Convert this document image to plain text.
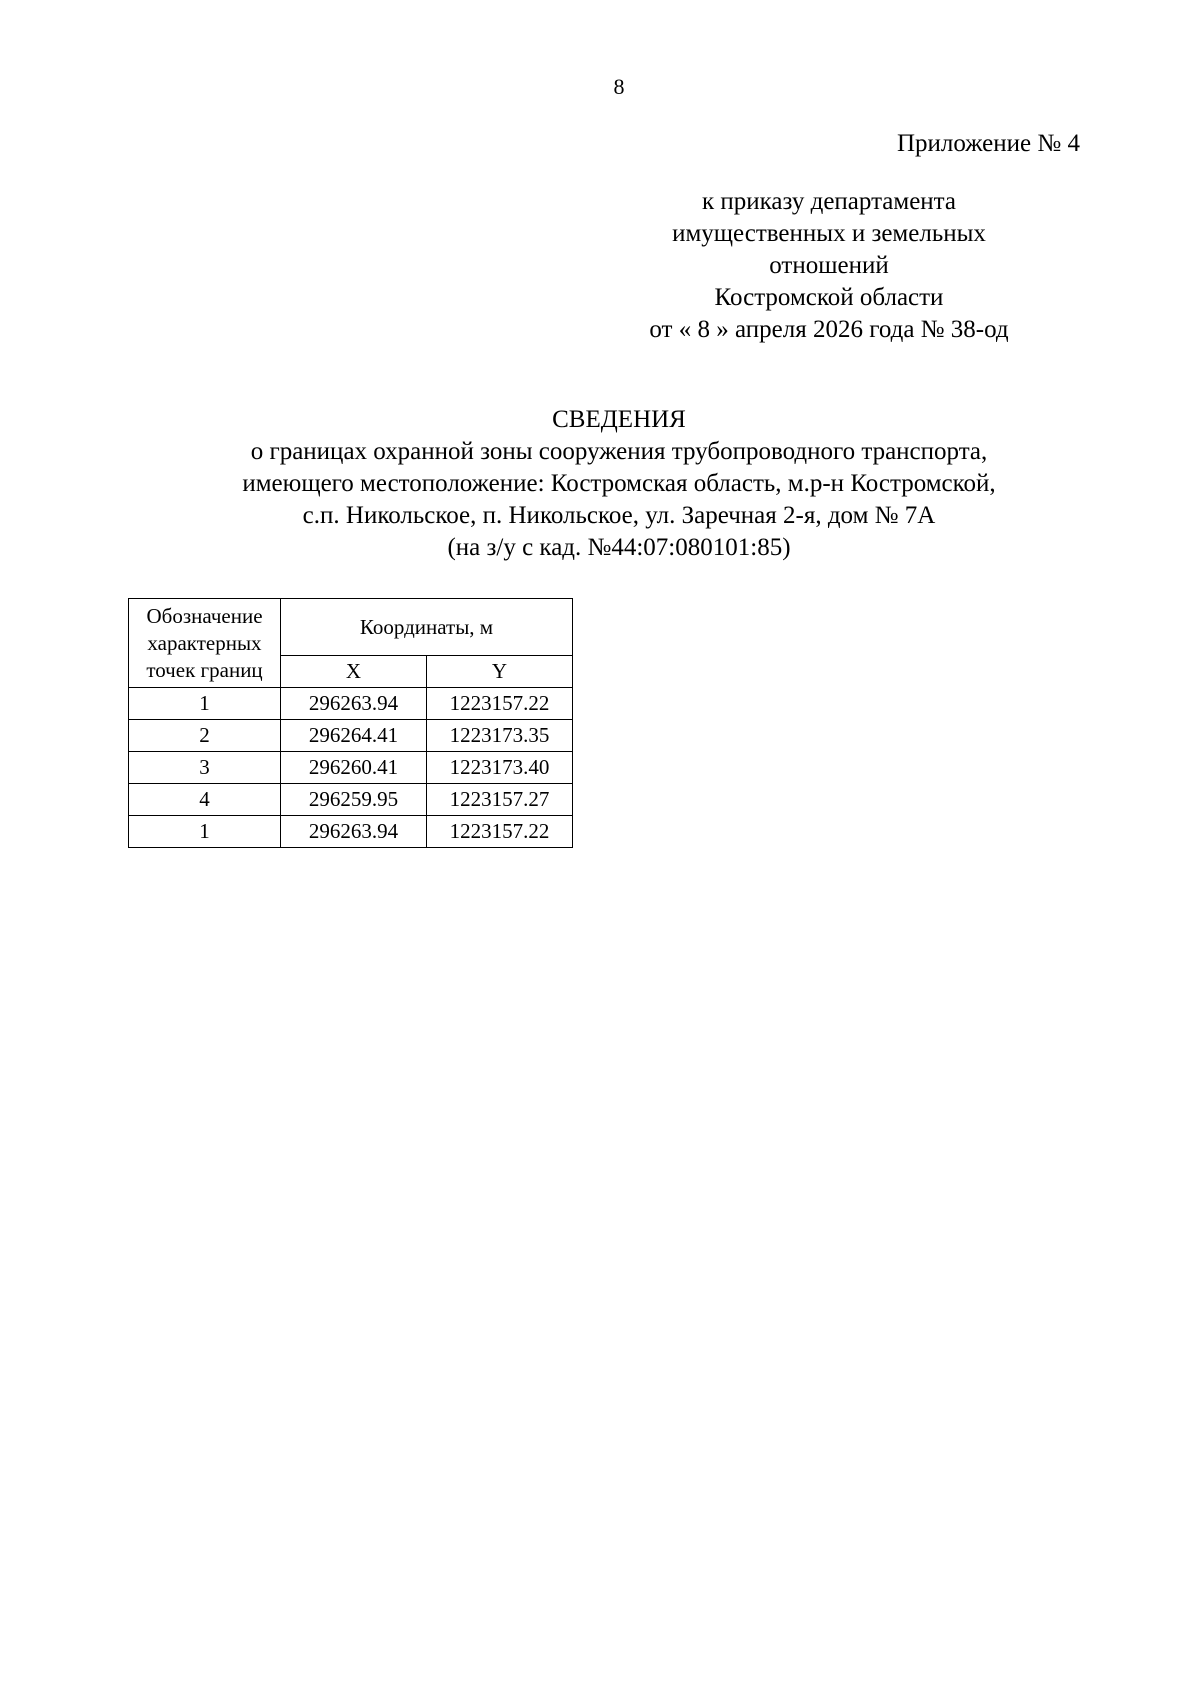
8
Приложение № 4
к приказу департамента
имущественных и земельных
отношений
Костромской области
от « 8 » апреля 2026 года № 38-од
СВЕДЕНИЯ
о границах охранной зоны сооружения трубопроводного транспорта,
имеющего местоположение: Костромская область, м.р-н Костромской,
с.п. Никольское, п. Никольское, ул. Заречная 2-я, дом № 7А
(на з/у с кад. №44:07:080101:85)
Обозначение
характерных
точек границ	Координаты, м	
	X	Y
1	296263.94	1223157.22
2	296264.41	1223173.35
3	296260.41	1223173.40
4	296259.95	1223157.27
1	296263.94	1223157.22
